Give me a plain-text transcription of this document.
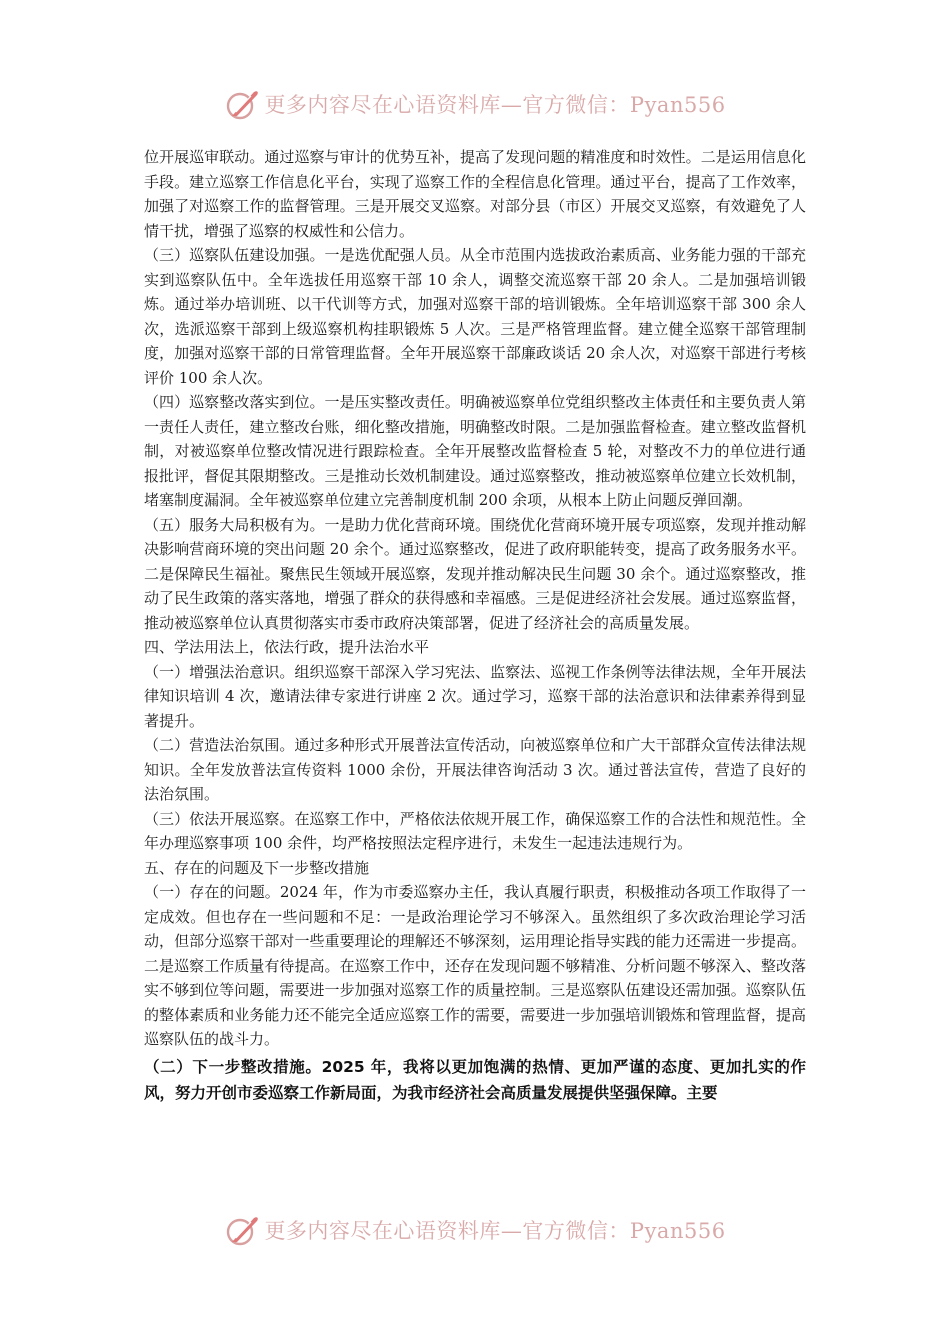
更多内容尽在心语资料库—官方微信：Pyan556

位开展巡审联动。通过巡察与审计的优势互补，提高了发现问题的精准度和时效性。二是运用信息化手段。建立巡察工作信息化平台，实现了巡察工作的全程信息化管理。通过平台，提高了工作效率，加强了对巡察工作的监督管理。三是开展交叉巡察。对部分县（市区）开展交叉巡察，有效避免了人情干扰，增强了巡察的权威性和公信力。

（三）巡察队伍建设加强。一是选优配强人员。从全市范围内选拔政治素质高、业务能力强的干部充实到巡察队伍中。全年选拔任用巡察干部 10 余人，调整交流巡察干部 20 余人。二是加强培训锻炼。通过举办培训班、以干代训等方式，加强对巡察干部的培训锻炼。全年培训巡察干部 300 余人次，选派巡察干部到上级巡察机构挂职锻炼 5 人次。三是严格管理监督。建立健全巡察干部管理制度，加强对巡察干部的日常管理监督。全年开展巡察干部廉政谈话 20 余人次，对巡察干部进行考核评价 100 余人次。

（四）巡察整改落实到位。一是压实整改责任。明确被巡察单位党组织整改主体责任和主要负责人第一责任人责任，建立整改台账，细化整改措施，明确整改时限。二是加强监督检查。建立整改监督机制，对被巡察单位整改情况进行跟踪检查。全年开展整改监督检查 5 轮，对整改不力的单位进行通报批评，督促其限期整改。三是推动长效机制建设。通过巡察整改，推动被巡察单位建立长效机制，堵塞制度漏洞。全年被巡察单位建立完善制度机制 200 余项，从根本上防止问题反弹回潮。

（五）服务大局积极有为。一是助力优化营商环境。围绕优化营商环境开展专项巡察，发现并推动解决影响营商环境的突出问题 20 余个。通过巡察整改，促进了政府职能转变，提高了政务服务水平。二是保障民生福祉。聚焦民生领域开展巡察，发现并推动解决民生问题 30 余个。通过巡察整改，推动了民生政策的落实落地，增强了群众的获得感和幸福感。三是促进经济社会发展。通过巡察监督，推动被巡察单位认真贯彻落实市委市政府决策部署，促进了经济社会的高质量发展。

四、学法用法上，依法行政，提升法治水平

（一）增强法治意识。组织巡察干部深入学习宪法、监察法、巡视工作条例等法律法规，全年开展法律知识培训 4 次，邀请法律专家进行讲座 2 次。通过学习，巡察干部的法治意识和法律素养得到显著提升。

（二）营造法治氛围。通过多种形式开展普法宣传活动，向被巡察单位和广大干部群众宣传法律法规知识。全年发放普法宣传资料 1000 余份，开展法律咨询活动 3 次。通过普法宣传，营造了良好的法治氛围。

（三）依法开展巡察。在巡察工作中，严格依法依规开展工作，确保巡察工作的合法性和规范性。全年办理巡察事项 100 余件，均严格按照法定程序进行，未发生一起违法违规行为。

五、存在的问题及下一步整改措施

（一）存在的问题。2024 年，作为市委巡察办主任，我认真履行职责，积极推动各项工作取得了一定成效。但也存在一些问题和不足：一是政治理论学习不够深入。虽然组织了多次政治理论学习活动，但部分巡察干部对一些重要理论的理解还不够深刻，运用理论指导实践的能力还需进一步提高。二是巡察工作质量有待提高。在巡察工作中，还存在发现问题不够精准、分析问题不够深入、整改落实不够到位等问题，需要进一步加强对巡察工作的质量控制。三是巡察队伍建设还需加强。巡察队伍的整体素质和业务能力还不能完全适应巡察工作的需要，需要进一步加强培训锻炼和管理监督，提高巡察队伍的战斗力。

（二）下一步整改措施。2025 年，我将以更加饱满的热情、更加严谨的态度、更加扎实的作风，努力开创市委巡察工作新局面，为我市经济社会高质量发展提供坚强保障。主要

更多内容尽在心语资料库—官方微信：Pyan556
